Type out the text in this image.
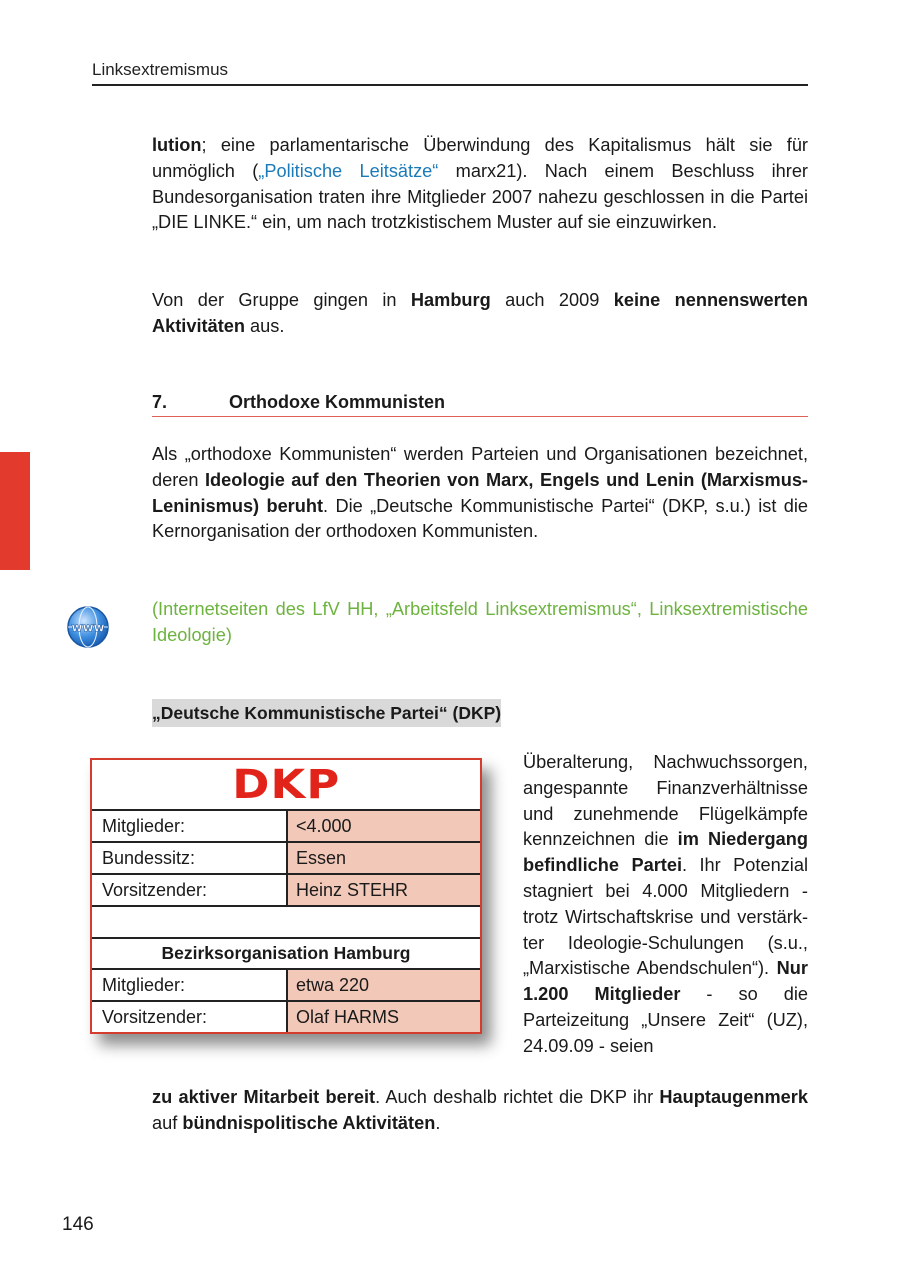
Linksextremismus
lution; eine parlamentarische Überwindung des Kapitalismus hält sie für unmöglich („Politische Leitsätze“ marx21). Nach einem Beschluss ihrer Bundesorganisation traten ihre Mitglieder 2007 nahezu geschlossen in die Partei „DIE LINKE.“ ein, um nach trotzkistischem Muster auf sie einzuwirken.
Von der Gruppe gingen in Hamburg auch 2009 keine nennenswerten Aktivitäten aus.
7.	Orthodoxe Kommunisten
Als „orthodoxe Kommunisten“ werden Parteien und Organisationen bezeichnet, deren Ideologie auf den Theorien von Marx, Engels und Lenin (Marxismus-Leninismus) beruht. Die „Deutsche Kommunistische Partei“ (DKP, s.u.) ist die Kernorganisation der orthodoxen Kommunisten.
www
(Internetseiten des LfV HH, „Arbeitsfeld Linksextremismus“, Linksextremistische Ideologie)
„Deutsche Kommunistische Partei“ (DKP)
DKP
Mitglieder:	<4.000
Bundessitz:	Essen
Vorsitzender:	Heinz STEHR
Bezirksorganisation Hamburg
Mitglieder:	etwa 220
Vorsitzender:	Olaf HARMS
Überalterung, Nachwuchssorgen, angespannte Finanzverhältnisse und zunehmende Flügelkämpfe kennzeichnen die im Niedergang befindliche Partei. Ihr Potenzial stagniert bei 4.000 Mitgliedern - trotz Wirtschaftskrise und verstärkter Ideologie-Schulungen (s.u., „Marxistische Abendschulen“). Nur 1.200 Mitglieder - so die Parteizeitung „Unsere Zeit“ (UZ), 24.09.09 - seien
zu aktiver Mitarbeit bereit. Auch deshalb richtet die DKP ihr Hauptaugenmerk auf bündnispolitische Aktivitäten.
146
